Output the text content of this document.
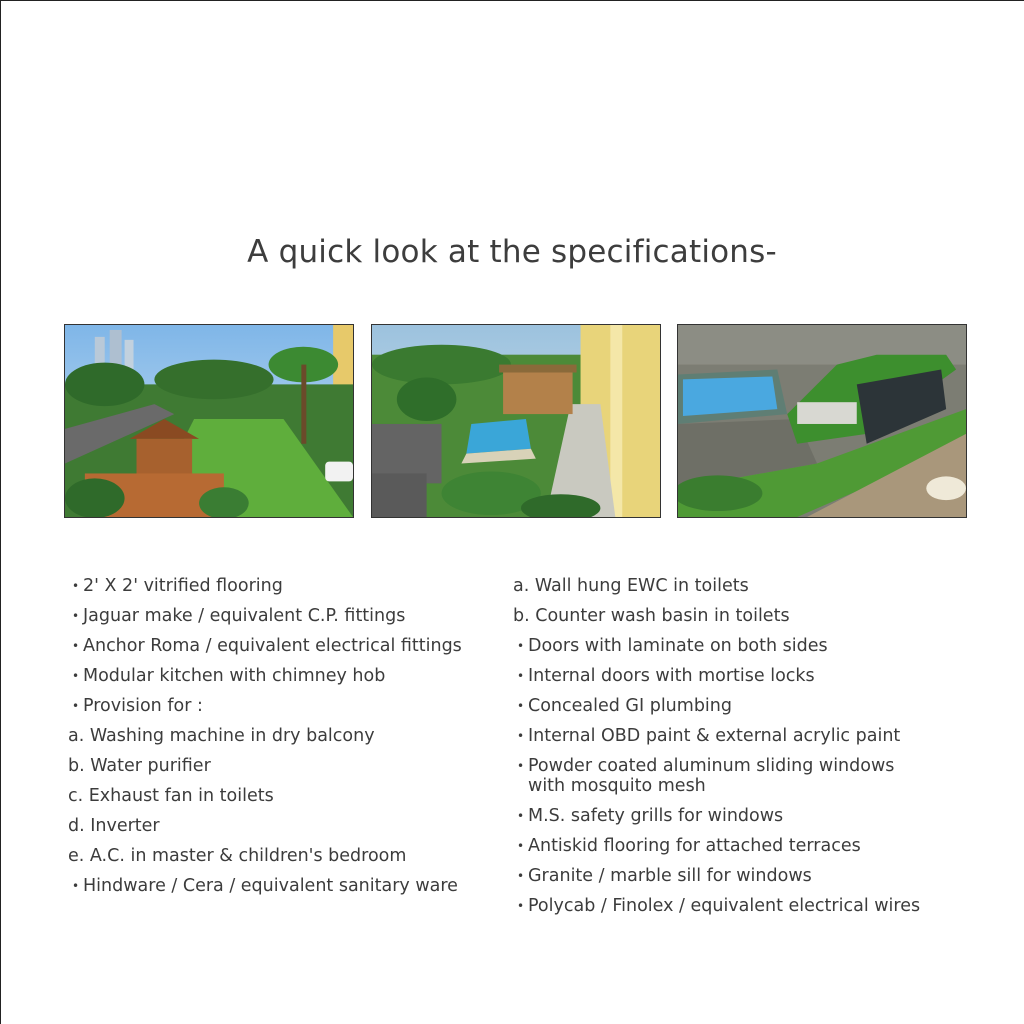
A quick look at the specifications-
• 2' X 2' vitrified flooring
• Jaguar make / equivalent C.P. fittings
• Anchor Roma / equivalent electrical fittings
• Modular kitchen with chimney hob
• Provision for :
a. Washing machine in dry balcony
b. Water purifier
c. Exhaust fan in toilets
d. Inverter
e. A.C. in master & children's bedroom
• Hindware / Cera / equivalent sanitary ware
a. Wall hung EWC in toilets
b. Counter wash basin in toilets
• Doors with laminate on both sides
• Internal doors with mortise locks
• Concealed GI plumbing
• Internal OBD paint & external acrylic paint
• Powder coated aluminum sliding windows with mosquito mesh
• M.S. safety grills for windows
• Antiskid flooring for attached terraces
• Granite / marble sill for windows
• Polycab / Finolex / equivalent electrical wires
